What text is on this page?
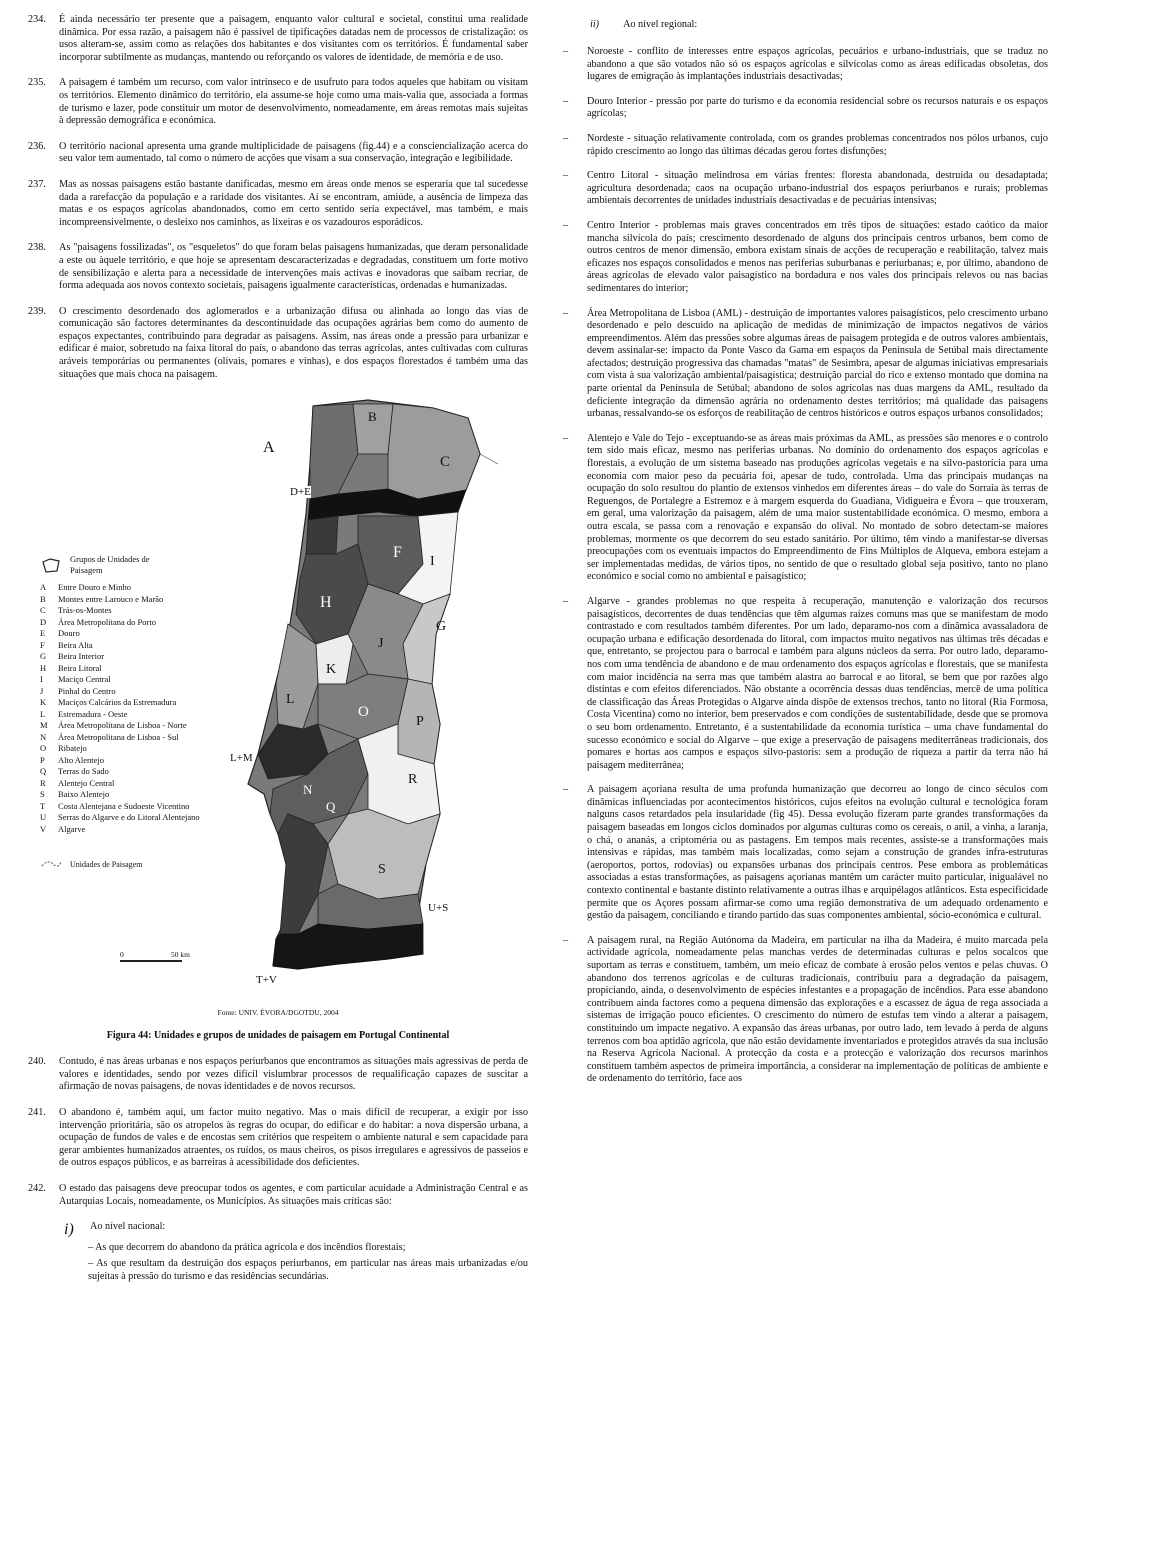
234. É ainda necessário ter presente que a paisagem, enquanto valor cultural e societal, constitui uma realidade dinâmica. Por essa razão, a paisagem não é passível de tipificações datadas nem de processos de cristalização: os usos alteram-se, assim como as relações dos habitantes e dos visitantes com os territórios. É fundamental saber incorporar subtilmente as mudanças, mantendo ou reforçando os valores de identidade, de memória e de uso.

235. A paisagem é também um recurso, com valor intrínseco e de usufruto para todos aqueles que habitam ou visitam os territórios. Elemento dinâmico do território, ela assume-se hoje como uma mais-valia que, associada a formas de turismo e lazer, pode constituir um motor de desenvolvimento, nomeadamente, em áreas remotas mais sujeitas à depressão demográfica e económica.

236. O território nacional apresenta uma grande multiplicidade de paisagens (fig.44) e a consciencialização acerca do seu valor tem aumentado, tal como o número de acções que visam a sua conservação, integração e legibilidade.

237. Mas as nossas paisagens estão bastante danificadas, mesmo em áreas onde menos se esperaria que tal sucedesse dada a rarefacção da população e a raridade dos visitantes. Aí se encontram, amiúde, a ausência de limpeza das matas e os espaços agrícolas abandonados, como em certo sentido seria expectável, mas também, e mais incompreensivelmente, o desleixo nos caminhos, as lixeiras e os vazadouros esporádicos.

238. As "paisagens fossilizadas", os "esqueletos" do que foram belas paisagens humanizadas, que deram personalidade a este ou àquele território, e que hoje se apresentam descaracterizadas e degradadas, constituem um forte motivo de sensibilização e alerta para a necessidade de intervenções mais activas e inovadoras que saibam recriar, de forma adequada aos novos contexto societais, paisagens igualmente características, ordenadas e humanizadas.

239. O crescimento desordenado dos aglomerados e a urbanização difusa ou alinhada ao longo das vias de comunicação são factores determinantes da descontinuidade das ocupações agrárias bem como do aumento de espaços expectantes, contribuindo para degradar as paisagens. Assim, nas áreas onde a pressão para urbanizar e edificar é maior, sobretudo na faixa litoral do país, o abandono das terras agrícolas, antes cultivadas com culturas aráveis temporárias ou permanentes (olivais, pomares e vinhas), e dos espaços florestados é também uma das situações que mais choca na paisagem.

Grupos de Unidades de Paisagem
A	Entre Douro e Minho
B	Montes entre Larouco e Marão
C	Trás-os-Montes
D	Área Metropolitana do Porto
E	Douro
F	Beira Alta
G	Beira Interior
H	Beira Litoral
I	Maciço Central
J	Pinhal do Centro
K	Maciços Calcários da Estremadura
L	Estremadura - Oeste
M	Área Metropolitana de Lisboa - Norte
N	Área Metropolitana de Lisboa - Sul
O	Ribatejo
P	Alto Alentejo
Q	Terras do Sado
R	Alentejo Central
S	Baixo Alentejo
T	Costa Alentejana e Sudoeste Vicentino
U	Serras do Algarve e do Litoral Alentejano
V	Algarve
Unidades de Paisagem
A
B
C
D+E
F
H
I
G
J
K
L
O
P
L+M
N
R
Q
S
U+S
T+V
0	50 km
Fonte: UNIV. ÉVORA/DGOTDU, 2004
Figura 44: Unidades e grupos de unidades de paisagem em Portugal Continental
240. Contudo, é nas áreas urbanas e nos espaços periurbanos que encontramos as situações mais agressivas de perda de valores e identidades, sendo por vezes difícil vislumbrar processos de requalificação capazes de suscitar a afirmação de novas paisagens, de novas identidades e de novos recursos.

241. O abandono é, também aqui, um factor muito negativo. Mas o mais difícil de recuperar, a exigir por isso intervenção prioritária, são os atropelos às regras do ocupar, do edificar e do habitar: a nova dispersão urbana, a ocupação de fundos de vales e de encostas sem critérios que respeitem o ambiente natural e sem capacidade para gerar ambientes humanizados atraentes, os ruídos, os maus cheiros, os pisos irregulares e agressivos de passeios e de outros espaços públicos, e as barreiras à acessibilidade dos deficientes.

242. O estado das paisagens deve preocupar todos os agentes, e com particular acuidade a Administração Central e as Autarquias Locais, nomeadamente, os Municípios. As situações mais críticas são:

i) Ao nível nacional:

– As que decorrem do abandono da prática agrícola e dos incêndios florestais;

– As que resultam da destruição dos espaços periurbanos, em particular nas áreas mais urbanizadas e/ou sujeitas à pressão do turismo e das residências secundárias.

ii) Ao nível regional:
– Noroeste - conflito de interesses entre espaços agrícolas, pecuários e urbano-industriais, que se traduz no abandono a que são votados não só os espaços agrícolas e silvícolas como as áreas edificadas obsoletas, dos lugares de emigração às implantações industriais desactivadas;

– Douro Interior - pressão por parte do turismo e da economia residencial sobre os recursos naturais e os espaços agrícolas;

– Nordeste - situação relativamente controlada, com os grandes problemas concentrados nos pólos urbanos, cujo rápido crescimento ao longo das últimas décadas gerou fortes disfunções;

– Centro Litoral - situação melindrosa em várias frentes: floresta abandonada, destruída ou desadaptada; agricultura desordenada; caos na ocupação urbano-industrial dos espaços periurbanos e rurais; problemas ambientais decorrentes de unidades industriais desactivadas e de pecuárias intensivas;

– Centro Interior - problemas mais graves concentrados em três tipos de situações: estado caótico da maior mancha silvícola do país; crescimento desordenado de alguns dos principais centros urbanos, bem como de outros centros de menor dimensão, embora existam sinais de acções de recuperação e reabilitação, talvez mais eficazes nos espaços consolidados e menos nas periferias suburbanas e periurbanas; e, por último, abandono de áreas agrícolas de elevado valor paisagístico na bordadura e nos vales dos principais relevos ou nas bacias sedimentares do interior;

– Área Metropolitana de Lisboa (AML) - destruição de importantes valores paisagísticos, pelo crescimento urbano desordenado e pelo descuido na aplicação de medidas de minimização de impactos negativos de vários empreendimentos. Além das pressões sobre algumas áreas de paisagem protegida e de outros valores ambientais, devem assinalar-se: impacto da Ponte Vasco da Gama em espaços da Península de Setúbal mais directamente afectados; destruição progressiva das chamadas "matas" de Sesimbra, apesar de algumas iniciativas empresariais com vista à sua valorização ambiental/paisagística; destruição parcial do rico e extenso montado que domina na parte oriental da Península de Setúbal; abandono de solos agrícolas nas duas margens da AML, resultado da deficiente integração da dimensão agrária no ordenamento destes territórios; má qualidade das paisagens urbanas, ressalvando-se os esforços de reabilitação de centros históricos e outros espaços urbanos consolidados;

– Alentejo e Vale do Tejo - exceptuando-se as áreas mais próximas da AML, as pressões são menores e o controlo tem sido mais eficaz, mesmo nas periferias urbanas. No domínio do ordenamento dos espaços agrícolas e florestais, a evolução de um sistema baseado nas produções agrícolas vegetais e na silvo-pastorícia para uma economia com maior peso da pecuária foi, apesar de tudo, controlada. Uma das principais mudanças na ocupação do solo resultou do plantio de extensos vinhedos em diferentes áreas – do vale do Sorraia às terras de Reguengos, de Portalegre a Estremoz e à margem esquerda do Guadiana, Vidigueira e Évora – que trouxeram, em geral, uma valorização da paisagem, além de uma maior sustentabilidade económica. O mesmo, embora a outra escala, se passa com a renovação e expansão do olival. No montado de sobro detectam-se maiores problemas, mormente os que decorrem do seu estado sanitário. Por último, têm vindo a manifestar-se diversas preocupações com os eventuais impactos do Empreendimento de Fins Múltiplos de Alqueva, embora estejam a ser implementadas medidas, de vários tipos, no sentido de que o resultado global seja positivo, tanto no plano económico e social como no ambiental e paisagístico;

– Algarve - grandes problemas no que respeita à recuperação, manutenção e valorização dos recursos paisagísticos, decorrentes de duas tendências que têm algumas raízes comuns mas que se manifestam de modo contrastado e com resultados também diferentes. Por um lado, deparamo-nos com a dinâmica avassaladora de ocupação urbana e edificação desordenada do litoral, com impactos muito negativos nas últimas três décadas e que, entretanto, se projectou para o barrocal e também para alguns núcleos da serra. Por outro lado, deparamo-nos com uma tendência de abandono e de mau ordenamento dos espaços agrícolas e florestais, que se manifesta com maior incidência na serra mas que também alastra ao barrocal e ao litoral, se bem que por razões algo distintas e com efeitos diferenciados. Não obstante a ocorrência dessas duas tendências, mercê de uma política de classificação das Áreas Protegidas o Algarve ainda dispõe de extensos trechos, tanto no litoral (Ria Formosa, Costa Vicentina) como no interior, bem preservados e com condições de sustentabilidade, desde que se promova o seu bom ordenamento. Entretanto, é a sustentabilidade da economia turística – uma chave fundamental do sucesso económico e social do Algarve – que exige a preservação de paisagens mediterrâneas tradicionais, dos pomares e hortas aos campos e espaços silvo-pastoris: sem a produção de riqueza a partir da terra não há paisagem mediterrânea;

– A paisagem açoriana resulta de uma profunda humanização que decorreu ao longo de cinco séculos com dinâmicas influenciadas por acontecimentos históricos, cujos efeitos na evolução cultural e tecnológica foram nalguns casos retardados pela insularidade (fig 45). Dessa evolução fizeram parte grandes transformações da paisagem baseadas em longos ciclos dominados por algumas culturas como os cereais, o anil, a vinha, a laranja, o chá, o ananás, a criptoméria ou as pastagens. Em tempos mais recentes, assiste-se a transformações mais intensivas e rápidas, mas também mais localizadas, como sejam a construção de grandes infra-estruturas (aeroportos, portos, rodovias) ou expansões urbanas dos principais centros. Pese embora as problemáticas associadas a estas transformações, as paisagens açorianas mantêm um carácter muito particular, inigualável no contexto continental e bastante distinto relativamente a outras ilhas e arquipélagos atlânticos. Esta especificidade permite que os Açores possam afirmar-se como uma região demonstrativa de um adequado ordenamento e gestão da paisagem, conciliando e tirando partido das suas componentes ambiental, sócio-económica e cultural.

– A paisagem rural, na Região Autónoma da Madeira, em particular na ilha da Madeira, é muito marcada pela actividade agrícola, nomeadamente pelas manchas verdes de determinadas culturas e pelos socalcos que suportam as terras e constituem, também, um meio eficaz de combate à erosão pelos ventos e pelas chuvas. O abandono dos terrenos agrícolas e de culturas tradicionais, contribuiu para a degradação da paisagem, propiciando, ainda, o desenvolvimento de espécies infestantes e a propagação de incêndios. Para esse abandono contribuem ainda factores como a pequena dimensão das explorações e a escassez de água de rega associada a sistemas de irrigação pouco eficientes. O crescimento do número de estufas tem vindo a alterar a paisagem, constituindo um impacte negativo. A expansão das áreas urbanas, por outro lado, tem levado à perda de alguns terrenos com boa aptidão agrícola, que não estão devidamente inventariados e protegidos através da sua inclusão na Reserva Agrícola Nacional. A protecção da costa e a protecção e valorização dos recursos marinhos constituem também aspectos de primeira importância, a considerar na implementação de políticas de ambiente e de ordenamento do território, face aos
